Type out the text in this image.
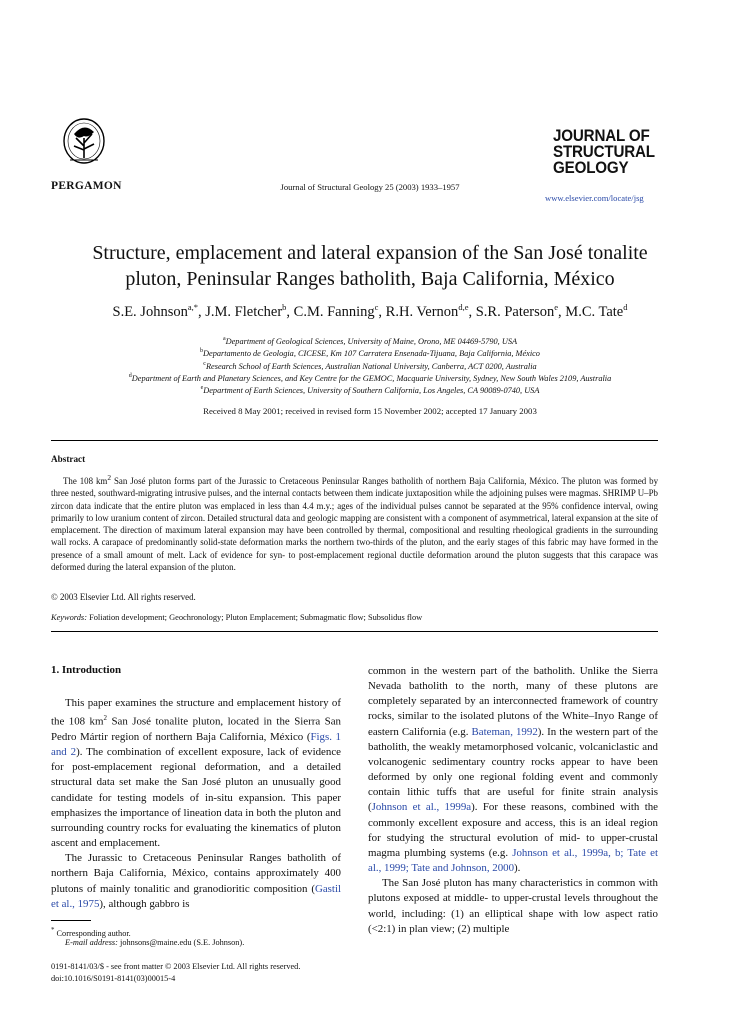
PERGAMON	Journal of Structural Geology 25 (2003) 1933–1957
JOURNAL OF
STRUCTURAL
GEOLOGY
www.elsevier.com/locate/jsg
Structure, emplacement and lateral expansion of the San José tonalite
pluton, Peninsular Ranges batholith, Baja California, México
S.E. Johnson$^{a,*}$, J.M. Fletcher$^b$, C.M. Fanning$^c$, R.H. Vernon$^{d,e}$, S.R. Paterson$^e$, M.C. Tate$^d$
$^a$Department of Geological Sciences, University of Maine, Orono, ME 04469-5790, USA
$^b$Departamento de Geologia, CICESE, Km 107 Carratera Ensenada-Tijuana, Baja California, México
$^c$Research School of Earth Sciences, Australian National University, Canberra, ACT 0200, Australia
$^d$Department of Earth and Planetary Sciences, and Key Centre for the GEMOC, Macquarie University, Sydney, New South Wales 2109, Australia
$^e$Department of Earth Sciences, University of Southern California, Los Angeles, CA 90089-0740, USA
Received 8 May 2001; received in revised form 15 November 2002; accepted 17 January 2003
Abstract

The 108 $km^2$ San José pluton forms part of the Jurassic to Cretaceous Peninsular Ranges batholith of northern Baja California, México. The pluton was formed by three nested, southward-migrating intrusive pulses, and the internal contacts between them indicate juxtaposition while the adjoining pulses were magmas. SHRIMP U–Pb zircon data indicate that the entire pluton was emplaced in less than 4.4 m.y.; ages of the individual pulses cannot be separated at the 95% confidence interval, owing primarily to low uranium content of zircon. Detailed structural data and geologic mapping are consistent with a component of asymmetrical, lateral expansion at the site of emplacement. The direction of maximum lateral expansion may have been controlled by thermal, compositional and resulting rheological gradients in the surrounding wall rocks. A carapace of predominantly solid-state deformation marks the northern two-thirds of the pluton, and the early stages of this fabric may have formed in the presence of a small amount of melt. Lack of evidence for syn- to post-emplacement regional ductile deformation around the pluton suggests that this carapace was deformed during the lateral expansion of the pluton.

© 2003 Elsevier Ltd. All rights reserved.
Keywords: Foliation development; Geochronology; Pluton Emplacement; Submagmatic flow; Subsolidus flow
1. Introduction

This paper examines the structure and emplacement history of the 108 $km^2$ San José tonalite pluton, located in the Sierra San Pedro Mártir region of northern Baja California, México (Figs. 1 and 2). The combination of excellent exposure, lack of evidence for post-emplacement regional deformation, and a detailed structural data set make the San José pluton an unusually good candidate for testing models of in-situ expansion. This paper emphasizes the importance of lineation data in both the pluton and surrounding country rocks for evaluating the kinematics of pluton ascent and emplacement.

The Jurassic to Cretaceous Peninsular Ranges batholith of northern Baja California, México, contains approximately 400 plutons of mainly tonalitic and granodioritic composition (Gastil et al., 1975), although gabbro is

common in the western part of the batholith. Unlike the Sierra Nevada batholith to the north, many of these plutons are completely separated by an interconnected framework of country rocks, similar to the isolated plutons of the White–Inyo Range of eastern California (e.g. Bateman, 1992). In the western part of the batholith, the weakly metamorphosed volcanic, volcaniclastic and volcanogenic sedimentary country rocks appear to have been deformed by only one regional folding event and commonly contain lithic tuffs that are useful for finite strain analysis (Johnson et al., 1999a). For these reasons, combined with the commonly excellent exposure and access, this is an ideal region for studying the structural evolution of mid- to upper-crustal magma plumbing systems (e.g. Johnson et al., 1999a, b; Tate et al., 1999; Tate and Johnson, 2000).

The San José pluton has many characteristics in common with plutons exposed at middle- to upper-crustal levels throughout the world, including: (1) an elliptical shape with low aspect ratio (<2:1) in plan view; (2) multiple

* Corresponding author.
E-mail address: johnsons@maine.edu (S.E. Johnson).
0191-8141/03/$ - see front matter © 2003 Elsevier Ltd. All rights reserved.
doi:10.1016/S0191-8141(03)00015-4
